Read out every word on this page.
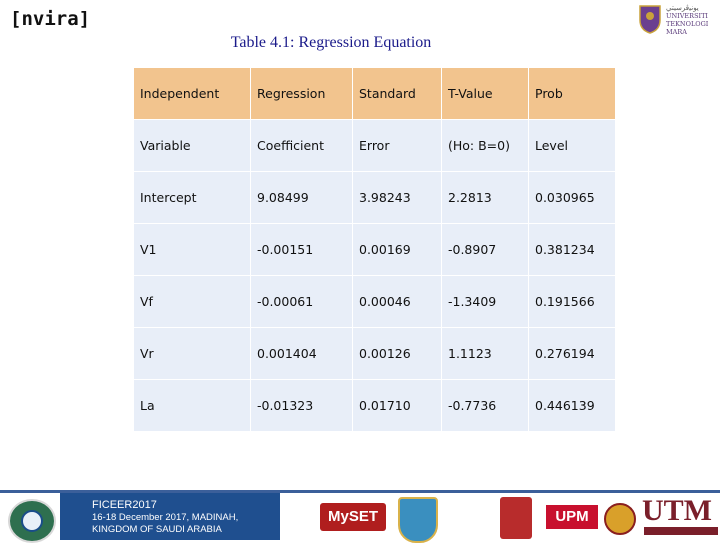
[nvira]	ﻳﻮﻧﻴﭬﺮﺳﻴﺘﻲ
UNIVERSITI
TEKNOLOGI
MARA
Table 4.1: Regression Equation
Independent	Regression	Standard	T-Value	Prob
Variable	Coefficient	Error	(Ho: B=0)	Level
Intercept	9.08499	3.98243	2.2813	0.030965
V1	-0.00151	0.00169	-0.8907	0.381234
Vf	-0.00061	0.00046	-1.3409	0.191566
Vr	0.001404	0.00126	1.1123	0.276194
La	-0.01323	0.01710	-0.7736	0.446139
FICEER2017
16-18 December 2017, MADINAH,
KINGDOM OF SAUDI ARABIA
MySET	UPM	UTM
